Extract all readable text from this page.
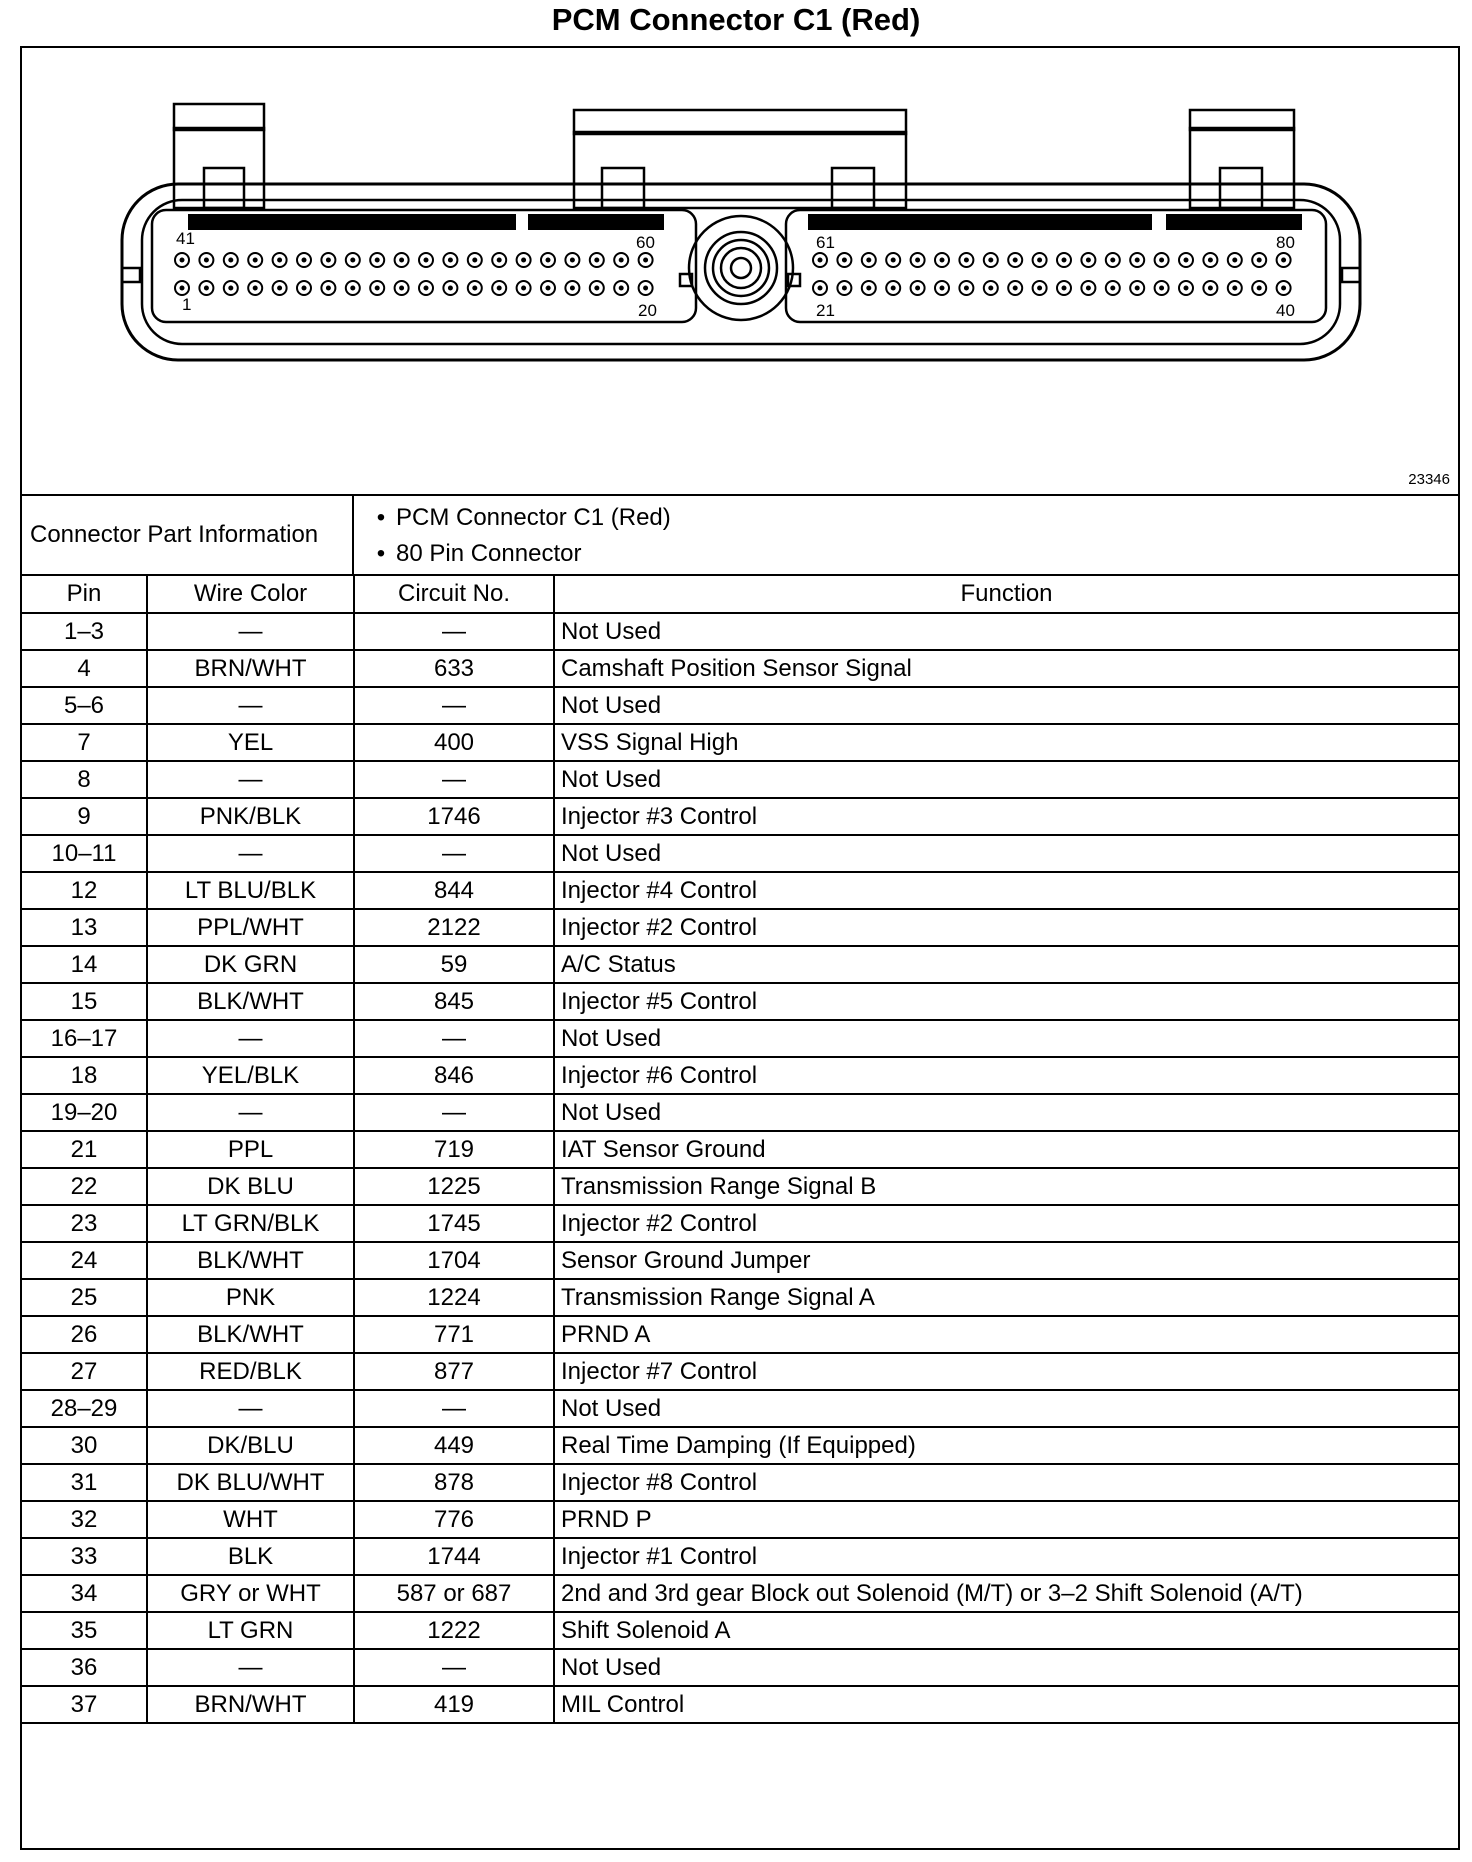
PCM Connector C1 (Red)
41	60
1	20
61	80
21	40
23346
Connector Part Information
• PCM Connector C1 (Red)
• 80 Pin Connector
Pin	Wire Color	Circuit No.	Function
1–3	—	—	Not Used
4	BRN/WHT	633	Camshaft Position Sensor Signal
5–6	—	—	Not Used
7	YEL	400	VSS Signal High
8	—	—	Not Used
9	PNK/BLK	1746	Injector #3 Control
10–11	—	—	Not Used
12	LT BLU/BLK	844	Injector #4 Control
13	PPL/WHT	2122	Injector #2 Control
14	DK GRN	59	A/C Status
15	BLK/WHT	845	Injector #5 Control
16–17	—	—	Not Used
18	YEL/BLK	846	Injector #6 Control
19–20	—	—	Not Used
21	PPL	719	IAT Sensor Ground
22	DK BLU	1225	Transmission Range Signal B
23	LT GRN/BLK	1745	Injector #2 Control
24	BLK/WHT	1704	Sensor Ground Jumper
25	PNK	1224	Transmission Range Signal A
26	BLK/WHT	771	PRND A
27	RED/BLK	877	Injector #7 Control
28–29	—	—	Not Used
30	DK/BLU	449	Real Time Damping (If Equipped)
31	DK BLU/WHT	878	Injector #8 Control
32	WHT	776	PRND P
33	BLK	1744	Injector #1 Control
34	GRY or WHT	587 or 687	2nd and 3rd gear Block out Solenoid (M/T) or 3–2 Shift Solenoid (A/T)
35	LT GRN	1222	Shift Solenoid A
36	—	—	Not Used
37	BRN/WHT	419	MIL Control
